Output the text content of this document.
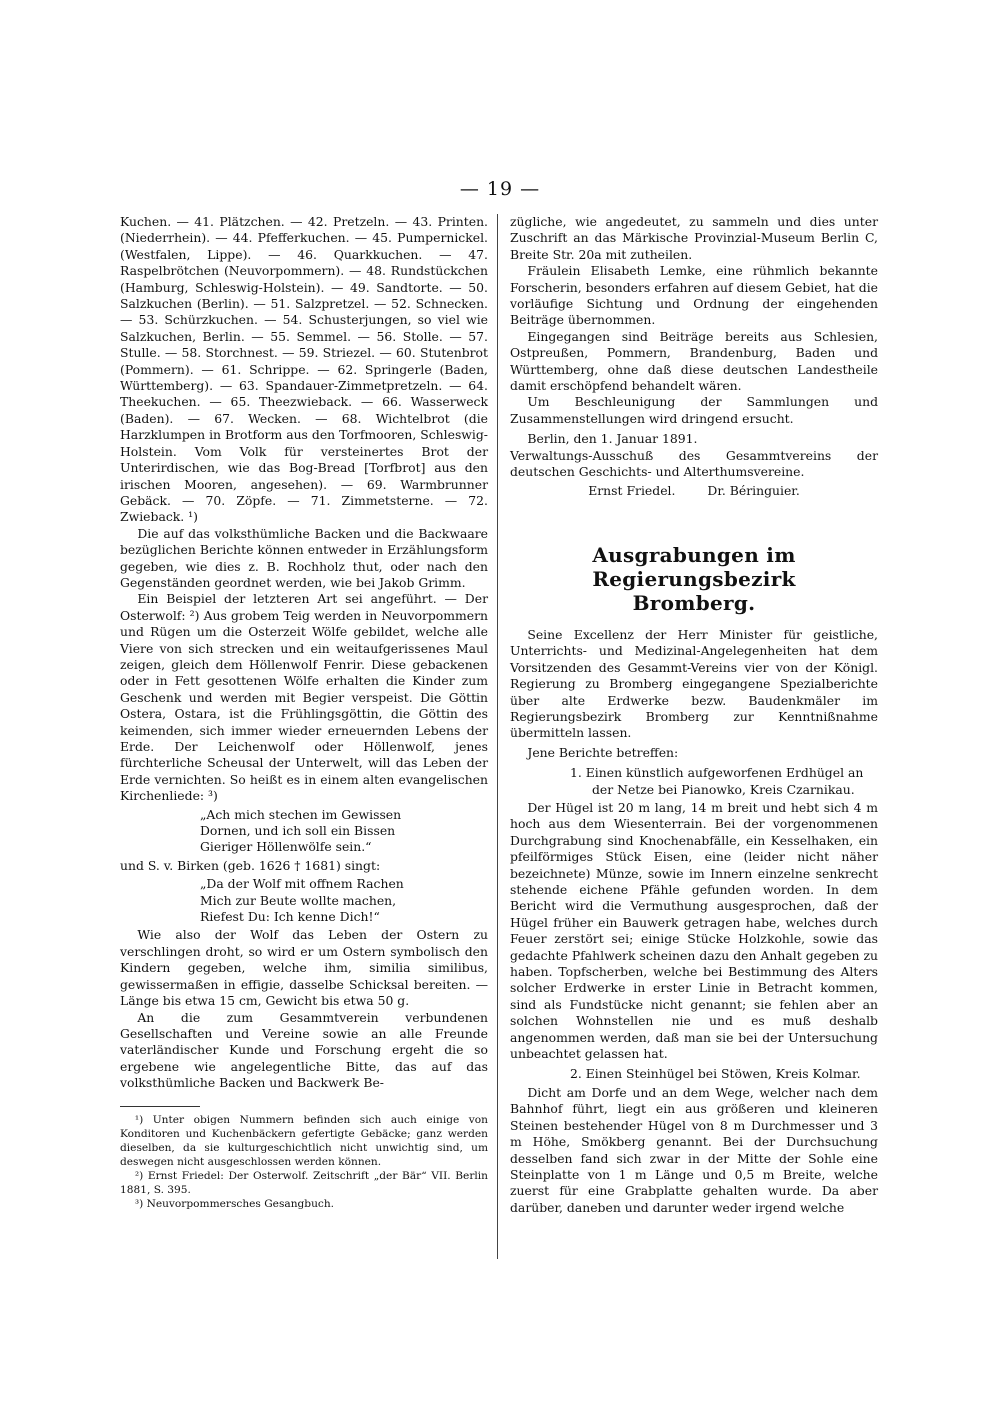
— 19 —

Kuchen. — 41. Plätzchen. — 42. Pretzeln. — 43. Printen. (Niederrhein). — 44. Pfefferkuchen. — 45. Pumpernickel. (Westfalen, Lippe). — 46. Quarkkuchen. — 47. Raspelbrötchen (Neuvorpommern). — 48. Rundstückchen (Hamburg, Schleswig-Holstein). — 49. Sandtorte. — 50. Salzkuchen (Berlin). — 51. Salzpretzel. — 52. Schnecken. — 53. Schürzkuchen. — 54. Schusterjungen, so viel wie Salzkuchen, Berlin. — 55. Semmel. — 56. Stolle. — 57. Stulle. — 58. Storchnest. — 59. Striezel. — 60. Stutenbrot (Pommern). — 61. Schrippe. — 62. Springerle (Baden, Württemberg). — 63. Spandauer-Zimmetpretzeln. — 64. Theekuchen. — 65. Theezwieback. — 66. Wasserweck (Baden). — 67. Wecken. — 68. Wichtelbrot (die Harzklumpen in Brotform aus den Torfmooren, Schleswig-Holstein. Vom Volk für versteinertes Brot der Unterirdischen, wie das Bog-Bread [Torfbrot] aus den irischen Mooren, angesehen). — 69. Warmbrunner Gebäck. — 70. Zöpfe. — 71. Zimmetsterne. — 72. Zwieback. ¹)

Die auf das volksthümliche Backen und die Backwaare bezüglichen Berichte können entweder in Erzählungsform gegeben, wie dies z. B. Rochholz thut, oder nach den Gegenständen geordnet werden, wie bei Jakob Grimm.

Ein Beispiel der letzteren Art sei angeführt. — Der Osterwolf: ²) Aus grobem Teig werden in Neuvorpommern und Rügen um die Osterzeit Wölfe gebildet, welche alle Viere von sich strecken und ein weitaufgerissenes Maul zeigen, gleich dem Höllenwolf Fenrir. Diese gebackenen oder in Fett gesottenen Wölfe erhalten die Kinder zum Geschenk und werden mit Begier verspeist. Die Göttin Ostera, Ostara, ist die Frühlingsgöttin, die Göttin des keimenden, sich immer wieder erneuernden Lebens der Erde. Der Leichenwolf oder Höllenwolf, jenes fürchterliche Scheusal der Unterwelt, will das Leben der Erde vernichten. So heißt es in einem alten evangelischen Kirchenliede: ³)

„Ach mich stechen im Gewissen
Dornen, und ich soll ein Bissen
Gieriger Höllenwölfe sein.“

und S. v. Birken (geb. 1626 † 1681) singt:

„Da der Wolf mit offnem Rachen
Mich zur Beute wollte machen,
Riefest Du: Ich kenne Dich!“

Wie also der Wolf das Leben der Ostern zu verschlingen droht, so wird er um Ostern symbolisch den Kindern gegeben, welche ihm, similia similibus, gewissermaßen in effigie, dasselbe Schicksal bereiten. — Länge bis etwa 15 cm, Gewicht bis etwa 50 g.

An die zum Gesammtverein verbundenen Gesellschaften und Vereine sowie an alle Freunde vaterländischer Kunde und Forschung ergeht die so ergebene wie angelegentliche Bitte, das auf das volksthümliche Backen und Backwerk Be-

¹) Unter obigen Nummern befinden sich auch einige von Konditoren und Kuchenbäckern gefertigte Gebäcke; ganz werden dieselben, da sie kulturgeschichtlich nicht unwichtig sind, um deswegen nicht ausgeschlossen werden können.

²) Ernst Friedel: Der Osterwolf. Zeitschrift „der Bär“ VII. Berlin 1881, S. 395.

³) Neuvorpommersches Gesangbuch.

zügliche, wie angedeutet, zu sammeln und dies unter Zuschrift an das Märkische Provinzial-Museum Berlin C, Breite Str. 20a mit zutheilen.

Fräulein Elisabeth Lemke, eine rühmlich bekannte Forscherin, besonders erfahren auf diesem Gebiet, hat die vorläufige Sichtung und Ordnung der eingehenden Beiträge übernommen.

Eingegangen sind Beiträge bereits aus Schlesien, Ostpreußen, Pommern, Brandenburg, Baden und Württemberg, ohne daß diese deutschen Landestheile damit erschöpfend behandelt wären.

Um Beschleunigung der Sammlungen und Zusammenstellungen wird dringend ersucht.

Berlin, den 1. Januar 1891.

Verwaltungs-Ausschuß des Gesammtvereins der deutschen Geschichts- und Alterthumsvereine.

Ernst Friedel.	Dr. Béringuier.

Ausgrabungen im Regierungsbezirk
Bromberg.

Seine Excellenz der Herr Minister für geistliche, Unterrichts- und Medizinal-Angelegenheiten hat dem Vorsitzenden des Gesammt-Vereins vier von der Königl. Regierung zu Bromberg eingegangene Spezialberichte über alte Erdwerke bezw. Baudenkmäler im Regierungsbezirk Bromberg zur Kenntnißnahme übermitteln lassen.

Jene Berichte betreffen:

1. Einen künstlich aufgeworfenen Erdhügel an der Netze bei Pianowko, Kreis Czarnikau.

Der Hügel ist 20 m lang, 14 m breit und hebt sich 4 m hoch aus dem Wiesenterrain. Bei der vorgenommenen Durchgrabung sind Knochenabfälle, ein Kesselhaken, ein pfeilförmiges Stück Eisen, eine (leider nicht näher bezeichnete) Münze, sowie im Innern einzelne senkrecht stehende eichene Pfähle gefunden worden. In dem Bericht wird die Vermuthung ausgesprochen, daß der Hügel früher ein Bauwerk getragen habe, welches durch Feuer zerstört sei; einige Stücke Holzkohle, sowie das gedachte Pfahlwerk scheinen dazu den Anhalt gegeben zu haben. Topfscherben, welche bei Bestimmung des Alters solcher Erdwerke in erster Linie in Betracht kommen, sind als Fundstücke nicht genannt; sie fehlen aber an solchen Wohnstellen nie und es muß deshalb angenommen werden, daß man sie bei der Untersuchung unbeachtet gelassen hat.

2. Einen Steinhügel bei Stöwen, Kreis Kolmar.

Dicht am Dorfe und an dem Wege, welcher nach dem Bahnhof führt, liegt ein aus größeren und kleineren Steinen bestehender Hügel von 8 m Durchmesser und 3 m Höhe, Smökberg genannt. Bei der Durchsuchung desselben fand sich zwar in der Mitte der Sohle eine Steinplatte von 1 m Länge und 0,5 m Breite, welche zuerst für eine Grabplatte gehalten wurde. Da aber darüber, daneben und darunter weder irgend welche
